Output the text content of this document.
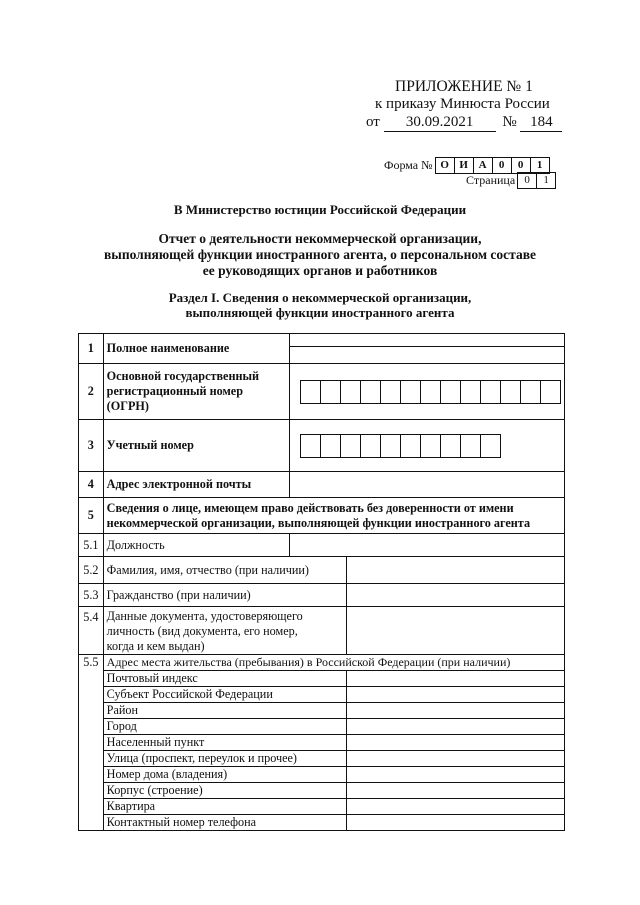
ПРИЛОЖЕНИЕ № 1
к приказу Минюста России
от 30.09.2021 № 184
Форма № О И А	0	0	1
Страница 0	1
В Министерство юстиции Российской Федерации
Отчет о деятельности некоммерческой организации,
выполняющей функции иностранного агента, о персональном составе
ее руководящих органов и работников
Раздел I. Сведения о некоммерческой организации,
выполняющей функции иностранного агента
1	Полное наименование		

2	Основной государственный регистрационный номер (ОГРН)		

3	Учетный номер		

4	Адрес электронной почты		
5	Сведения о лице, имеющем право действовать без доверенности от имени некоммерческой организации, выполняющей функции иностранного агента		
5.1	Должность		
5.2	Фамилия, имя, отчество (при наличии)		
5.3	Гражданство (при наличии)		
5.4	Данные документа, удостоверяющего личность (вид документа, его номер, когда и кем выдан)		
5.5	Адрес места жительства (пребывания) в Российской Федерации (при наличии)		
	Почтовый индекс		
	Субъект Российской Федерации		
	Район		
	Город		
	Населенный пункт		
	Улица (проспект, переулок и прочее)		
	Номер дома (владения)		
	Корпус (строение)		
	Квартира		
	Контактный номер телефона		
